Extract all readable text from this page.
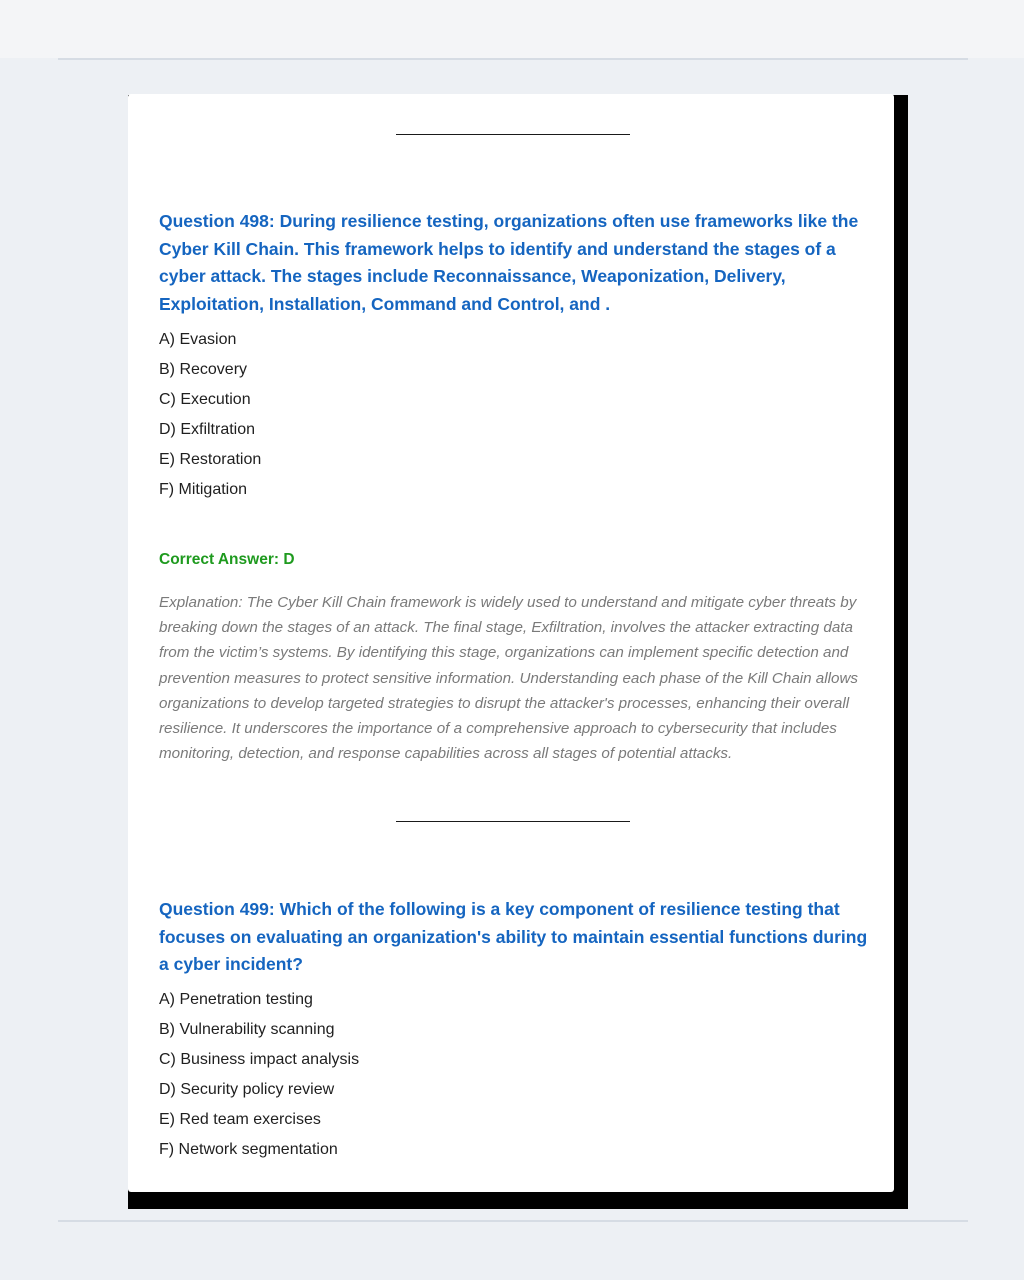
Question 498: During resilience testing, organizations often use frameworks like the Cyber Kill Chain. This framework helps to identify and understand the stages of a cyber attack. The stages include Reconnaissance, Weaponization, Delivery, Exploitation, Installation, Command and Control, and .

A) Evasion
B) Recovery
C) Execution
D) Exfiltration
E) Restoration
F) Mitigation
Correct Answer: D

Explanation: The Cyber Kill Chain framework is widely used to understand and mitigate cyber threats by breaking down the stages of an attack. The final stage, Exfiltration, involves the attacker extracting data from the victim’s systems. By identifying this stage, organizations can implement specific detection and prevention measures to protect sensitive information. Understanding each phase of the Kill Chain allows organizations to develop targeted strategies to disrupt the attacker's processes, enhancing their overall resilience. It underscores the importance of a comprehensive approach to cybersecurity that includes monitoring, detection, and response capabilities across all stages of potential attacks.

Question 499: Which of the following is a key component of resilience testing that focuses on evaluating an organization's ability to maintain essential functions during a cyber incident?

A) Penetration testing
B) Vulnerability scanning
C) Business impact analysis
D) Security policy review
E) Red team exercises
F) Network segmentation
